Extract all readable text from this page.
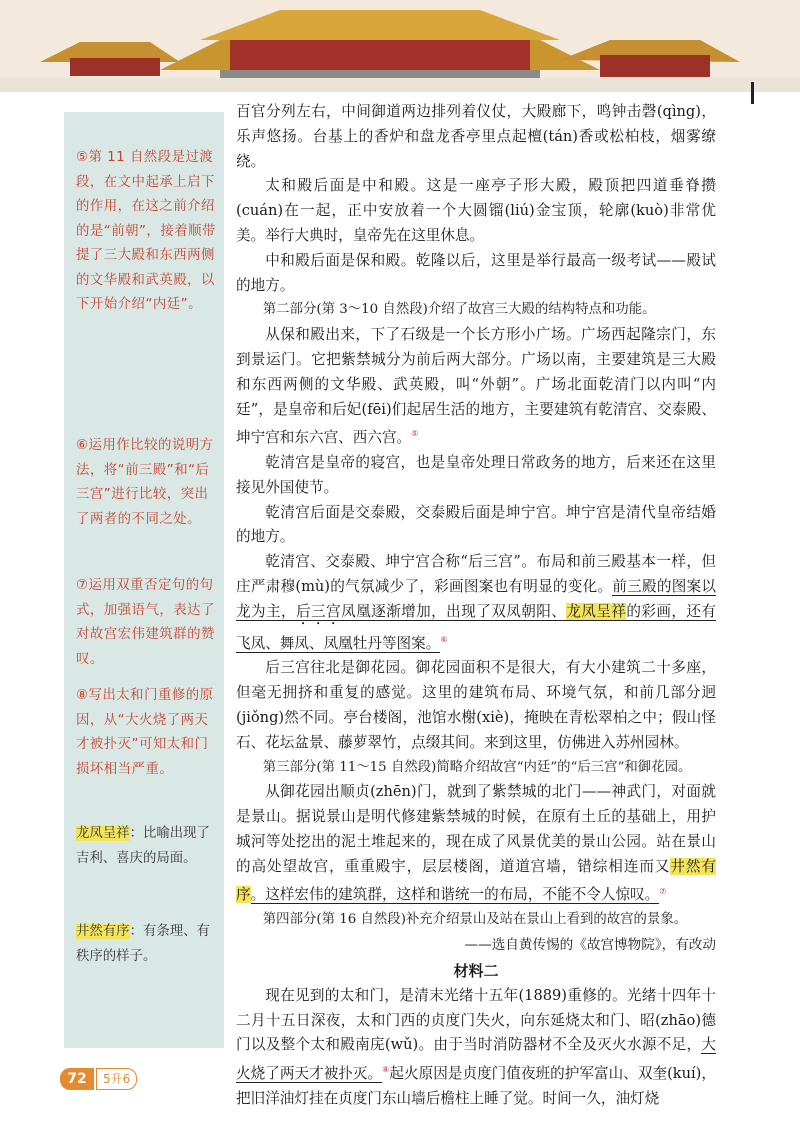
⑤第 11 自然段是过渡段，在文中起承上启下的作用，在这之前介绍的是“前朝”，接着顺带提了三大殿和东西两侧的文华殿和武英殿，以下开始介绍“内廷”。
⑥运用作比较的说明方法，将“前三殿”和“后三宫”进行比较，突出了两者的不同之处。
⑦运用双重否定句的句式，加强语气，表达了对故宫宏伟建筑群的赞叹。
⑧写出太和门重修的原因，从“大火烧了两天才被扑灭”可知太和门损坏相当严重。
龙凤呈祥：比喻出现了吉利、喜庆的局面。
井然有序：有条理、有秩序的样子。

百官分列左右，中间御道两边排列着仪仗，大殿廊下，鸣钟击磬(qìng)，乐声悠扬。台基上的香炉和盘龙香亭里点起檀(tán)香或松柏枝，烟雾缭绕。

太和殿后面是中和殿。这是一座亭子形大殿，殿顶把四道垂脊攒(cuán)在一起，正中安放着一个大圆镏(liú)金宝顶，轮廓(kuò)非常优美。举行大典时，皇帝先在这里休息。

中和殿后面是保和殿。乾隆以后，这里是举行最高一级考试——殿试的地方。

第二部分(第 3～10 自然段)介绍了故宫三大殿的结构特点和功能。

从保和殿出来，下了石级是一个长方形小广场。广场西起隆宗门，东到景运门。它把紫禁城分为前后两大部分。广场以南，主要建筑是三大殿和东西两侧的文华殿、武英殿，叫“外朝”。广场北面乾清门以内叫“内廷”，是皇帝和后妃(fēi)们起居生活的地方，主要建筑有乾清宫、交泰殿、坤宁宫和东六宫、西六宫。⑤

乾清宫是皇帝的寝宫，也是皇帝处理日常政务的地方，后来还在这里接见外国使节。

乾清宫后面是交泰殿，交泰殿后面是坤宁宫。坤宁宫是清代皇帝结婚的地方。

乾清宫、交泰殿、坤宁宫合称“后三宫”。布局和前三殿基本一样，但庄严肃穆(mù)的气氛减少了，彩画图案也有明显的变化。前三殿的图案以龙为主，后三宫凤凰逐渐增加，出现了双凤朝阳、龙凤呈祥的彩画，还有飞凤、舞凤、凤凰牡丹等图案。⑥

后三宫往北是御花园。御花园面积不是很大，有大小建筑二十多座，但毫无拥挤和重复的感觉。这里的建筑布局、环境气氛，和前几部分迥(jiǒng)然不同。亭台楼阁，池馆水榭(xiè)，掩映在青松翠柏之中；假山怪石、花坛盆景、藤萝翠竹，点缀其间。来到这里，仿佛进入苏州园林。

第三部分(第 11～15 自然段)简略介绍故宫“内廷”的“后三宫”和御花园。

从御花园出顺贞(zhēn)门，就到了紫禁城的北门——神武门，对面就是景山。据说景山是明代修建紫禁城的时候，在原有土丘的基础上，用护城河等处挖出的泥土堆起来的，现在成了风景优美的景山公园。站在景山的高处望故宫，重重殿宇，层层楼阁，道道宫墙，错综相连而又井然有序。这样宏伟的建筑群，这样和谐统一的布局，不能不令人惊叹。⑦

第四部分(第 16 自然段)补充介绍景山及站在景山上看到的故宫的景象。

——选自黄传惕的《故宫博物院》，有改动

材料二

现在见到的太和门，是清末光绪十五年(1889)重修的。光绪十四年十二月十五日深夜，太和门西的贞度门失火，向东延烧太和门、昭(zhāo)德门以及整个太和殿南庑(wǔ)。由于当时消防器材不全及灭火水源不足，大火烧了两天才被扑灭。⑧起火原因是贞度门值夜班的护军富山、双奎(kuí)，把旧洋油灯挂在贞度门东山墙后檐柱上睡了觉。时间一久，油灯烧

72	5升6
